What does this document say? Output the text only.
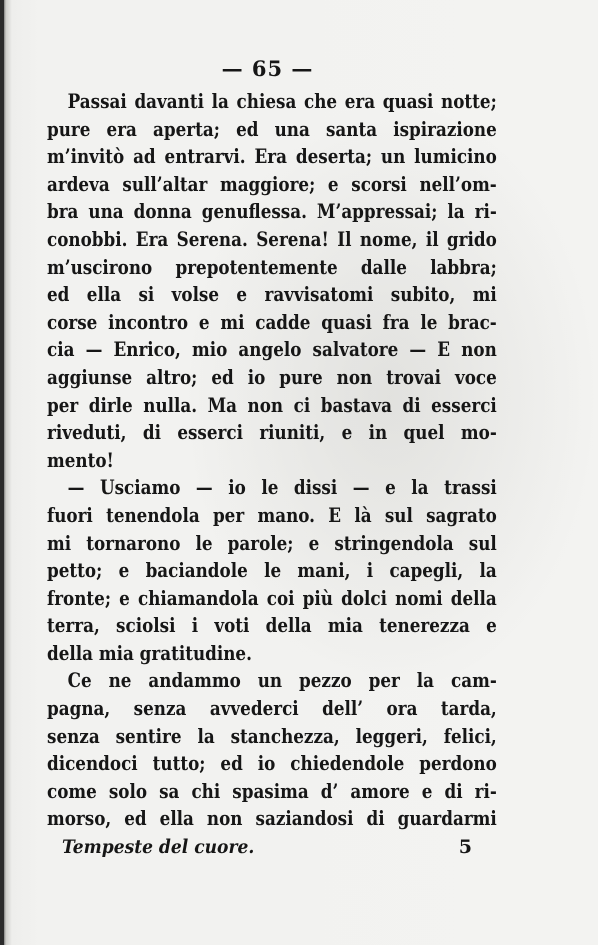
— 65 —
Passai davanti la chiesa che era quasi notte;
pure era aperta; ed una santa ispirazione
m’invitò ad entrarvi. Era deserta; un lumicino
ardeva sull’altar maggiore; e scorsi nell’om-
bra una donna genuflessa. M’appressai; la ri-
conobbi. Era Serena. Serena! Il nome, il grido
m’uscirono prepotentemente dalle labbra;
ed ella si volse e ravvisatomi subito, mi
corse incontro e mi cadde quasi fra le brac-
cia — Enrico, mio angelo salvatore — E non
aggiunse altro; ed io pure non trovai voce
per dirle nulla. Ma non ci bastava di esserci
riveduti, di esserci riuniti, e in quel mo-
mento!
— Usciamo — io le dissi — e la trassi
fuori tenendola per mano. E là sul sagrato
mi tornarono le parole; e stringendola sul
petto; e baciandole le mani, i capegli, la
fronte; e chiamandola coi più dolci nomi della
terra, sciolsi i voti della mia tenerezza e
della mia gratitudine.
Ce ne andammo un pezzo per la cam-
pagna, senza avvederci dell’ ora tarda,
senza sentire la stanchezza, leggeri, felici,
dicendoci tutto; ed io chiedendole perdono
come solo sa chi spasima d’ amore e di ri-
morso, ed ella non saziandosi di guardarmi
Tempeste del cuore.	5
